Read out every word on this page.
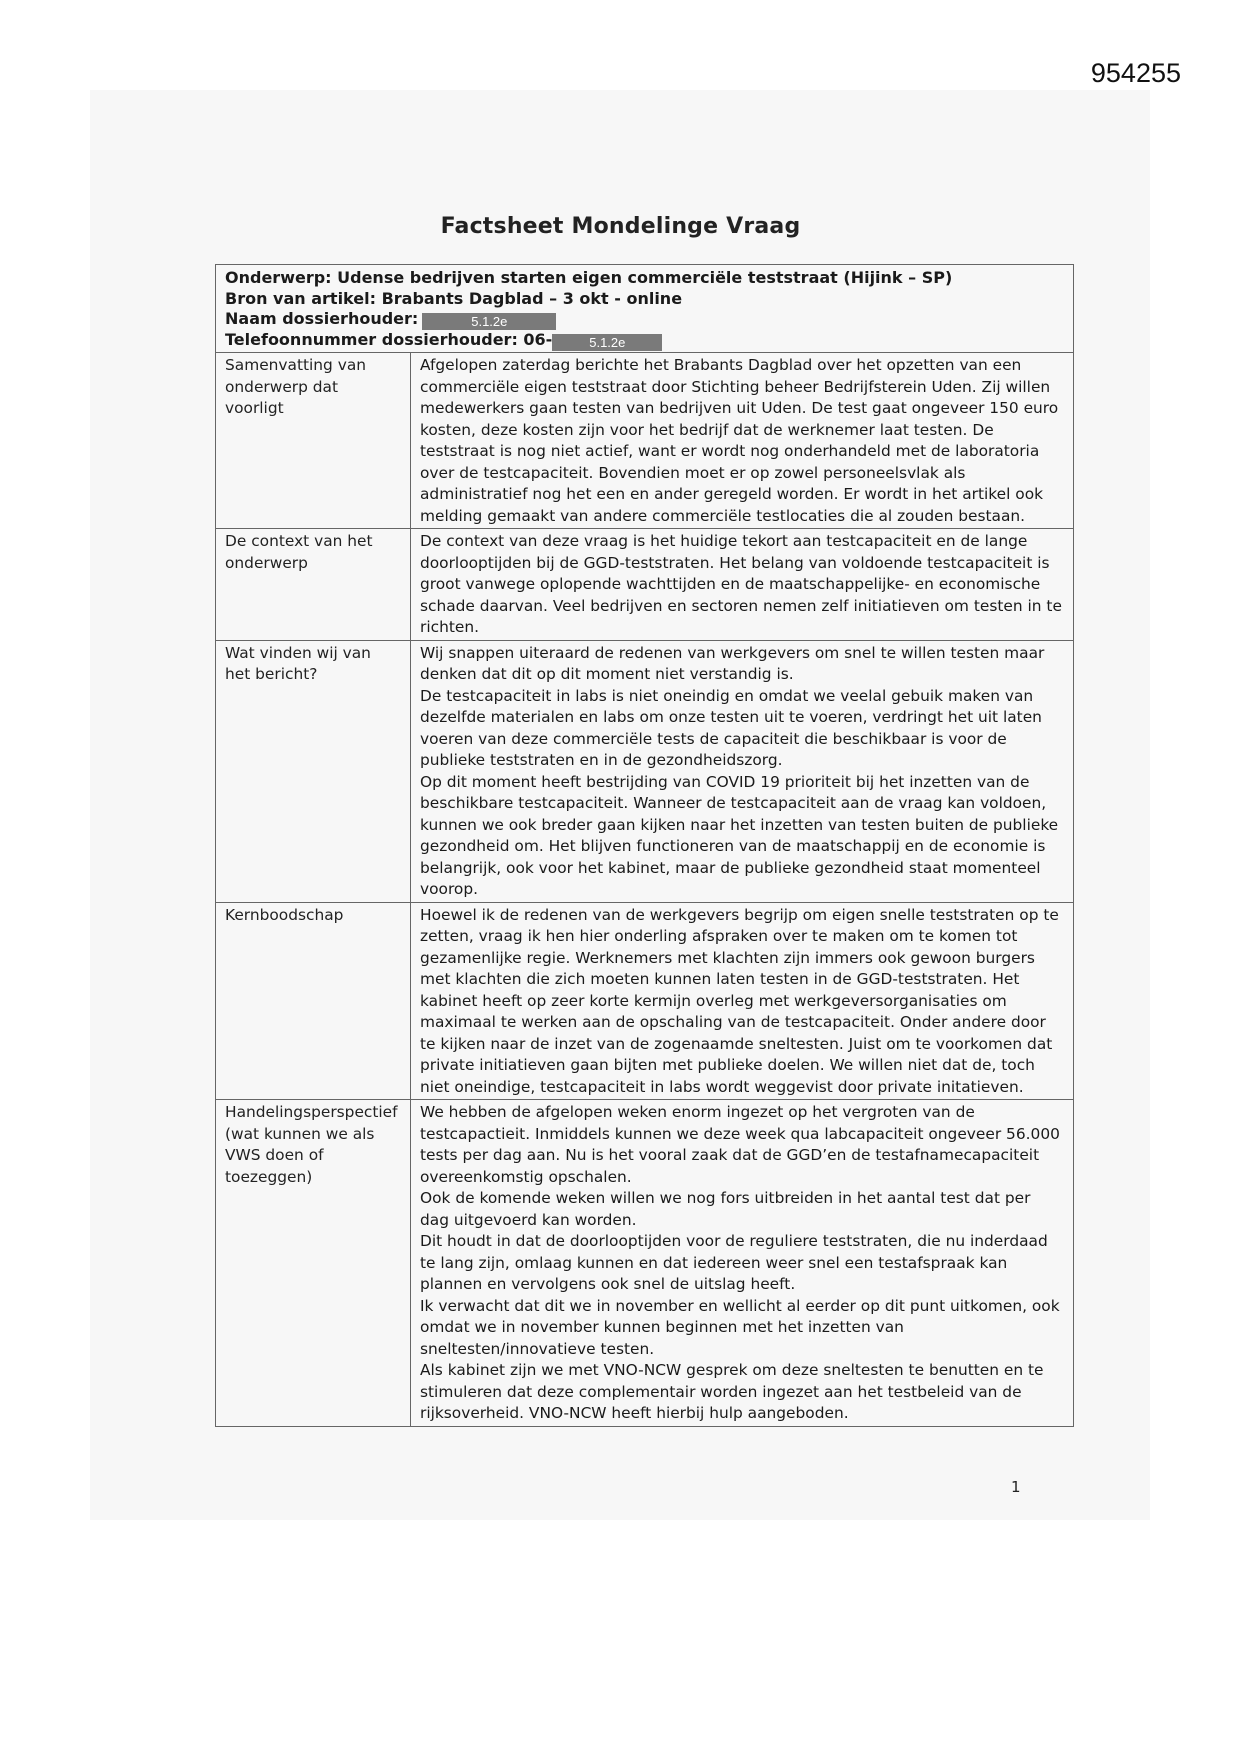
954255
Factsheet Mondelinge Vraag
Onderwerp: Udense bedrijven starten eigen commerciële teststraat (Hijink – SP)
Bron van artikel: Brabants Dagblad – 3 okt - online
Naam dossierhouder: 5.1.2e
Telefoonnummer dossierhouder: 06- 5.1.2e	

Samenvatting van onderwerp dat voorligt	Afgelopen zaterdag berichte het Brabants Dagblad over het opzetten van een commerciële eigen teststraat door Stichting beheer Bedrijfsterein Uden. Zij willen medewerkers gaan testen van bedrijven uit Uden. De test gaat ongeveer 150 euro kosten, deze kosten zijn voor het bedrijf dat de werknemer laat testen. De teststraat is nog niet actief, want er wordt nog onderhandeld met de laboratoria over de testcapaciteit. Bovendien moet er op zowel personeelsvlak als administratief nog het een en ander geregeld worden. Er wordt in het artikel ook melding gemaakt van andere commerciële testlocaties die al zouden bestaan.

De context van het onderwerp	De context van deze vraag is het huidige tekort aan testcapaciteit en de lange doorlooptijden bij de GGD-teststraten. Het belang van voldoende testcapaciteit is groot vanwege oplopende wachttijden en de maatschappelijke- en economische schade daarvan. Veel bedrijven en sectoren nemen zelf initiatieven om testen in te richten.

Wat vinden wij van het bericht?	Wij snappen uiteraard de redenen van werkgevers om snel te willen testen maar denken dat dit op dit moment niet verstandig is.

De testcapaciteit in labs is niet oneindig en omdat we veelal gebuik maken van dezelfde materialen en labs om onze testen uit te voeren, verdringt het uit laten voeren van deze commerciële tests de capaciteit die beschikbaar is voor de publieke teststraten en in de gezondheidszorg.

Op dit moment heeft bestrijding van COVID 19 prioriteit bij het inzetten van de beschikbare testcapaciteit. Wanneer de testcapaciteit aan de vraag kan voldoen, kunnen we ook breder gaan kijken naar het inzetten van testen buiten de publieke gezondheid om. Het blijven functioneren van de maatschappij en de economie is belangrijk, ook voor het kabinet, maar de publieke gezondheid staat momenteel voorop.

Kernboodschap	Hoewel ik de redenen van de werkgevers begrijp om eigen snelle teststraten op te zetten, vraag ik hen hier onderling afspraken over te maken om te komen tot gezamenlijke regie. Werknemers met klachten zijn immers ook gewoon burgers met klachten die zich moeten kunnen laten testen in de GGD-teststraten. Het kabinet heeft op zeer korte kermijn overleg met werkgeversorganisaties om maximaal te werken aan de opschaling van de testcapaciteit. Onder andere door te kijken naar de inzet van de zogenaamde sneltesten. Juist om te voorkomen dat private initiatieven gaan bijten met publieke doelen. We willen niet dat de, toch niet oneindige, testcapaciteit in labs wordt weggevist door private initatieven.

Handelingsperspectief (wat kunnen we als VWS doen of toezeggen)	We hebben de afgelopen weken enorm ingezet op het vergroten van de testcapactieit. Inmiddels kunnen we deze week qua labcapaciteit ongeveer 56.000 tests per dag aan. Nu is het vooral zaak dat de GGD’en de testafnamecapaciteit overeenkomstig opschalen.

Ook de komende weken willen we nog fors uitbreiden in het aantal test dat per dag uitgevoerd kan worden.

Dit houdt in dat de doorlooptijden voor de reguliere teststraten, die nu inderdaad te lang zijn, omlaag kunnen en dat iedereen weer snel een testafspraak kan plannen en vervolgens ook snel de uitslag heeft.

Ik verwacht dat dit we in november en wellicht al eerder op dit punt uitkomen, ook omdat we in november kunnen beginnen met het inzetten van sneltesten/innovatieve testen.

Als kabinet zijn we met VNO-NCW gesprek om deze sneltesten te benutten en te stimuleren dat deze complementair worden ingezet aan het testbeleid van de rijksoverheid. VNO-NCW heeft hierbij hulp aangeboden.

1
